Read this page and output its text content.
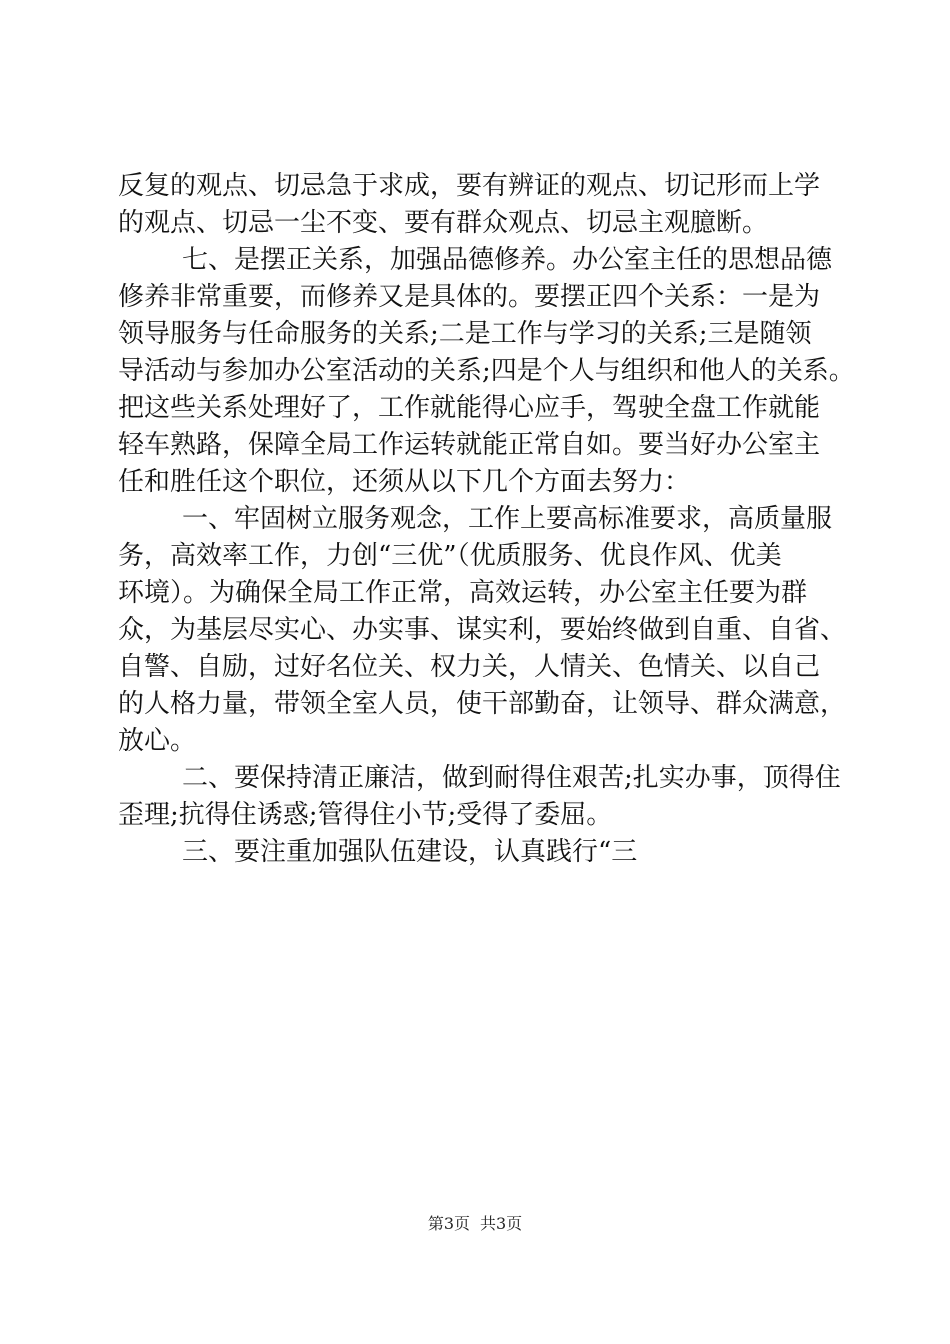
反复的观点、切忌急于求成，要有辨证的观点、切记形而上学
的观点、切忌一尘不变、要有群众观点、切忌主观臆断。
七、是摆正关系，加强品德修养。办公室主任的思想品德
修养非常重要，而修养又是具体的。要摆正四个关系：一是为
领导服务与任命服务的关系;二是工作与学习的关系;三是随领
导活动与参加办公室活动的关系;四是个人与组织和他人的关系。
把这些关系处理好了，工作就能得心应手，驾驶全盘工作就能
轻车熟路，保障全局工作运转就能正常自如。要当好办公室主
任和胜任这个职位，还须从以下几个方面去努力：
一、牢固树立服务观念，工作上要高标准要求，高质量服
务，高效率工作，力创“三优”（优质服务、优良作风、优美
环境）。为确保全局工作正常，高效运转，办公室主任要为群
众，为基层尽实心、办实事、谋实利，要始终做到自重、自省、
自警、自励，过好名位关、权力关，人情关、色情关、以自己
的人格力量，带领全室人员，使干部勤奋，让领导、群众满意，
放心。
二、要保持清正廉洁，做到耐得住艰苦;扎实办事，顶得住
歪理;抗得住诱惑;管得住小节;受得了委屈。
三、要注重加强队伍建设，认真践行“三
第3页 共3页
